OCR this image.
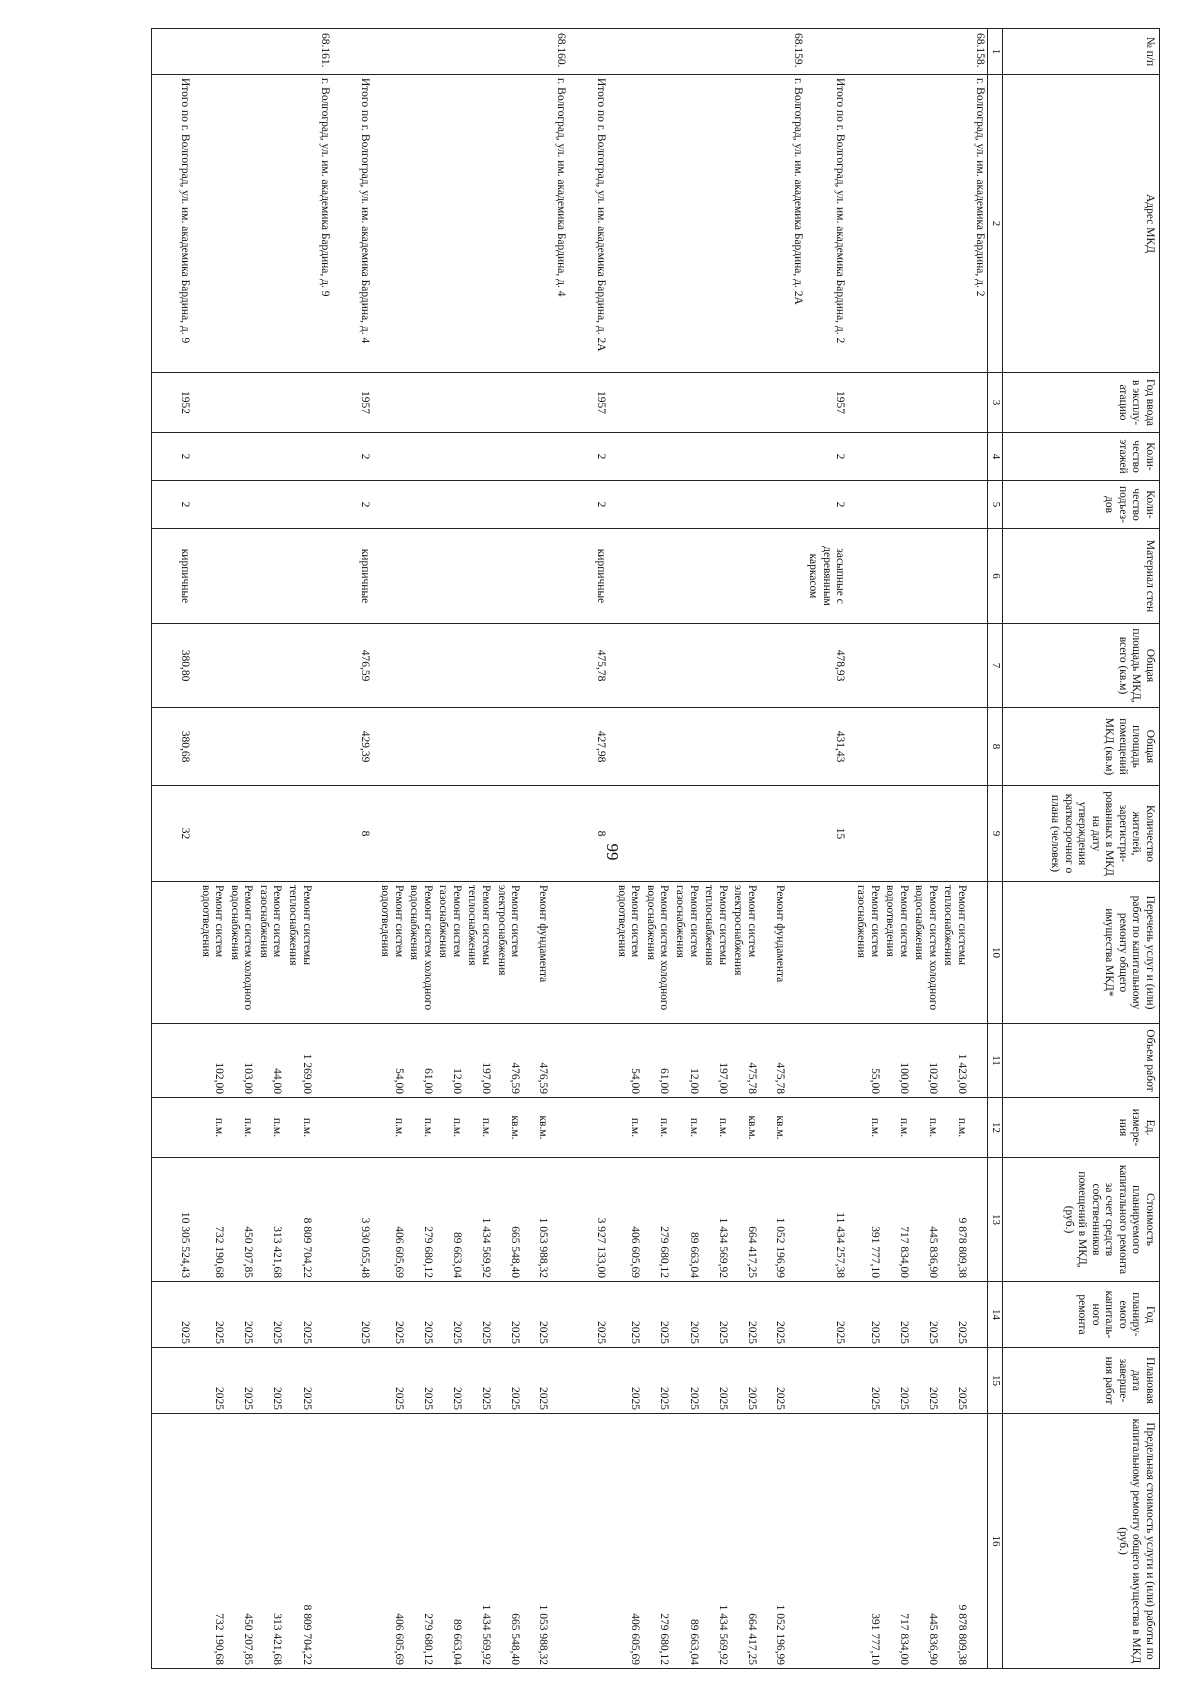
99
№ п/п	Адрес МКД	Год ввода в эксплу-атацию	Коли-чество этажей	Коли-чество подъез-дов	Материал стен	Общая площадь МКД, всего (кв.м)	Общая площадь помещений МКД (кв.м)	Количество жителей, зарегистри-рованных в МКД на дату утверждения краткосрочног о плана (человек)	Перечень услуг и (или) работ по капитальному ремонту общего имущества МКД*	Объем работ	Ед. измере-ния	Стоимость планируемого капитального ремонта за счет средств собственников помещений в МКД, (руб.)	Год планиру-емого капиталь-ного ремонта	Плановая дата заверше-ния работ	Предельная стоимость услуги и (или) работы по капитальному ремонту общего имущества в МКД (руб.)
1	2	3	4	5	6	7	8	9	10	11	12	13	14	15	16
68.158.	г. Волгоград, ул. им. академика Бардина, д. 2														
									Ремонт системы теплоснабжения	1 423,00	п.м.	9 878 809,38	2025	2025	9 878 809,38
									Ремонт систем холодного водоснабжения	102,00	п.м.	445 836,90	2025	2025	445 836,90
									Ремонт систем водоотведения	100,00	п.м.	717 834,00	2025	2025	717 834,00
									Ремонт систем газоснабжения	55,00	п.м.	391 777,10	2025	2025	391 777,10
	Итого по г. Волгоград, ул. им. академика Бардина, д. 2	1957	2	2	засыпные с деревянным каркасом	478,93	431,43	15				11 434 257,38	2025		
68.159.	г. Волгоград, ул. им. академика Бардина, д. 2А														
									Ремонт фундамента	475,78	кв.м.	1 052 196,99	2025	2025	1 052 196,99
									Ремонт систем электроснабжения	475,78	кв.м.	664 417,25	2025	2025	664 417,25
									Ремонт системы теплоснабжения	197,00	п.м.	1 434 569,92	2025	2025	1 434 569,92
									Ремонт систем газоснабжения	12,00	п.м.	89 663,04	2025	2025	89 663,04
									Ремонт систем холодного водоснабжения	61,00	п.м.	279 680,12	2025	2025	279 680,12
									Ремонт систем водоотведения	54,00	п.м.	406 605,69	2025	2025	406 605,69
	Итого по г. Волгоград, ул. им. академика Бардина, д. 2А	1957	2	2	кирпичные	475,78	427,98	8				3 927 133,00	2025		
68.160.	г. Волгоград, ул. им. академика Бардина, д. 4														
									Ремонт фундамента	476,59	кв.м.	1 053 988,32	2025	2025	1 053 988,32
									Ремонт систем электроснабжения	476,59	кв.м.	665 548,40	2025	2025	665 548,40
									Ремонт системы теплоснабжения	197,00	п.м.	1 434 569,92	2025	2025	1 434 569,92
									Ремонт систем газоснабжения	12,00	п.м.	89 663,04	2025	2025	89 663,04
									Ремонт систем холодного водоснабжения	61,00	п.м.	279 680,12	2025	2025	279 680,12
									Ремонт систем водоотведения	54,00	п.м.	406 605,69	2025	2025	406 605,69
	Итого по г. Волгоград, ул. им. академика Бардина, д. 4	1957	2	2	кирпичные	476,59	429,39	8				3 930 055,48	2025		
68.161.	г. Волгоград, ул. им. академика Бардина, д. 9														
									Ремонт системы теплоснабжения	1 269,00	п.м.	8 809 704,22	2025	2025	8 809 704,22
									Ремонт систем газоснабжения	44,00	п.м.	313 421,68	2025	2025	313 421,68
									Ремонт систем холодного водоснабжения	103,00	п.м.	450 207,85	2025	2025	450 207,85
									Ремонт систем водоотведения	102,00	п.м.	732 190,68	2025	2025	732 190,68
	Итого по г. Волгоград, ул. им. академика Бардина, д. 9	1952	2	2	кирпичные	380,80	380,68	32				10 305 524,43	2025		
